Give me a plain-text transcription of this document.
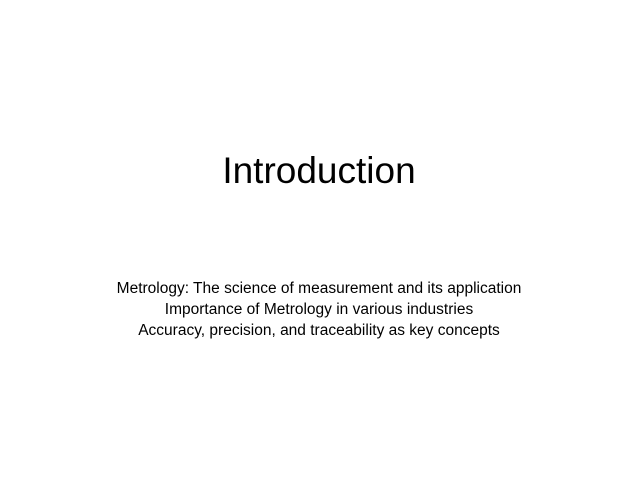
Introduction
Metrology: The science of measurement and its application
Importance of Metrology in various industries
Accuracy, precision, and traceability as key concepts
